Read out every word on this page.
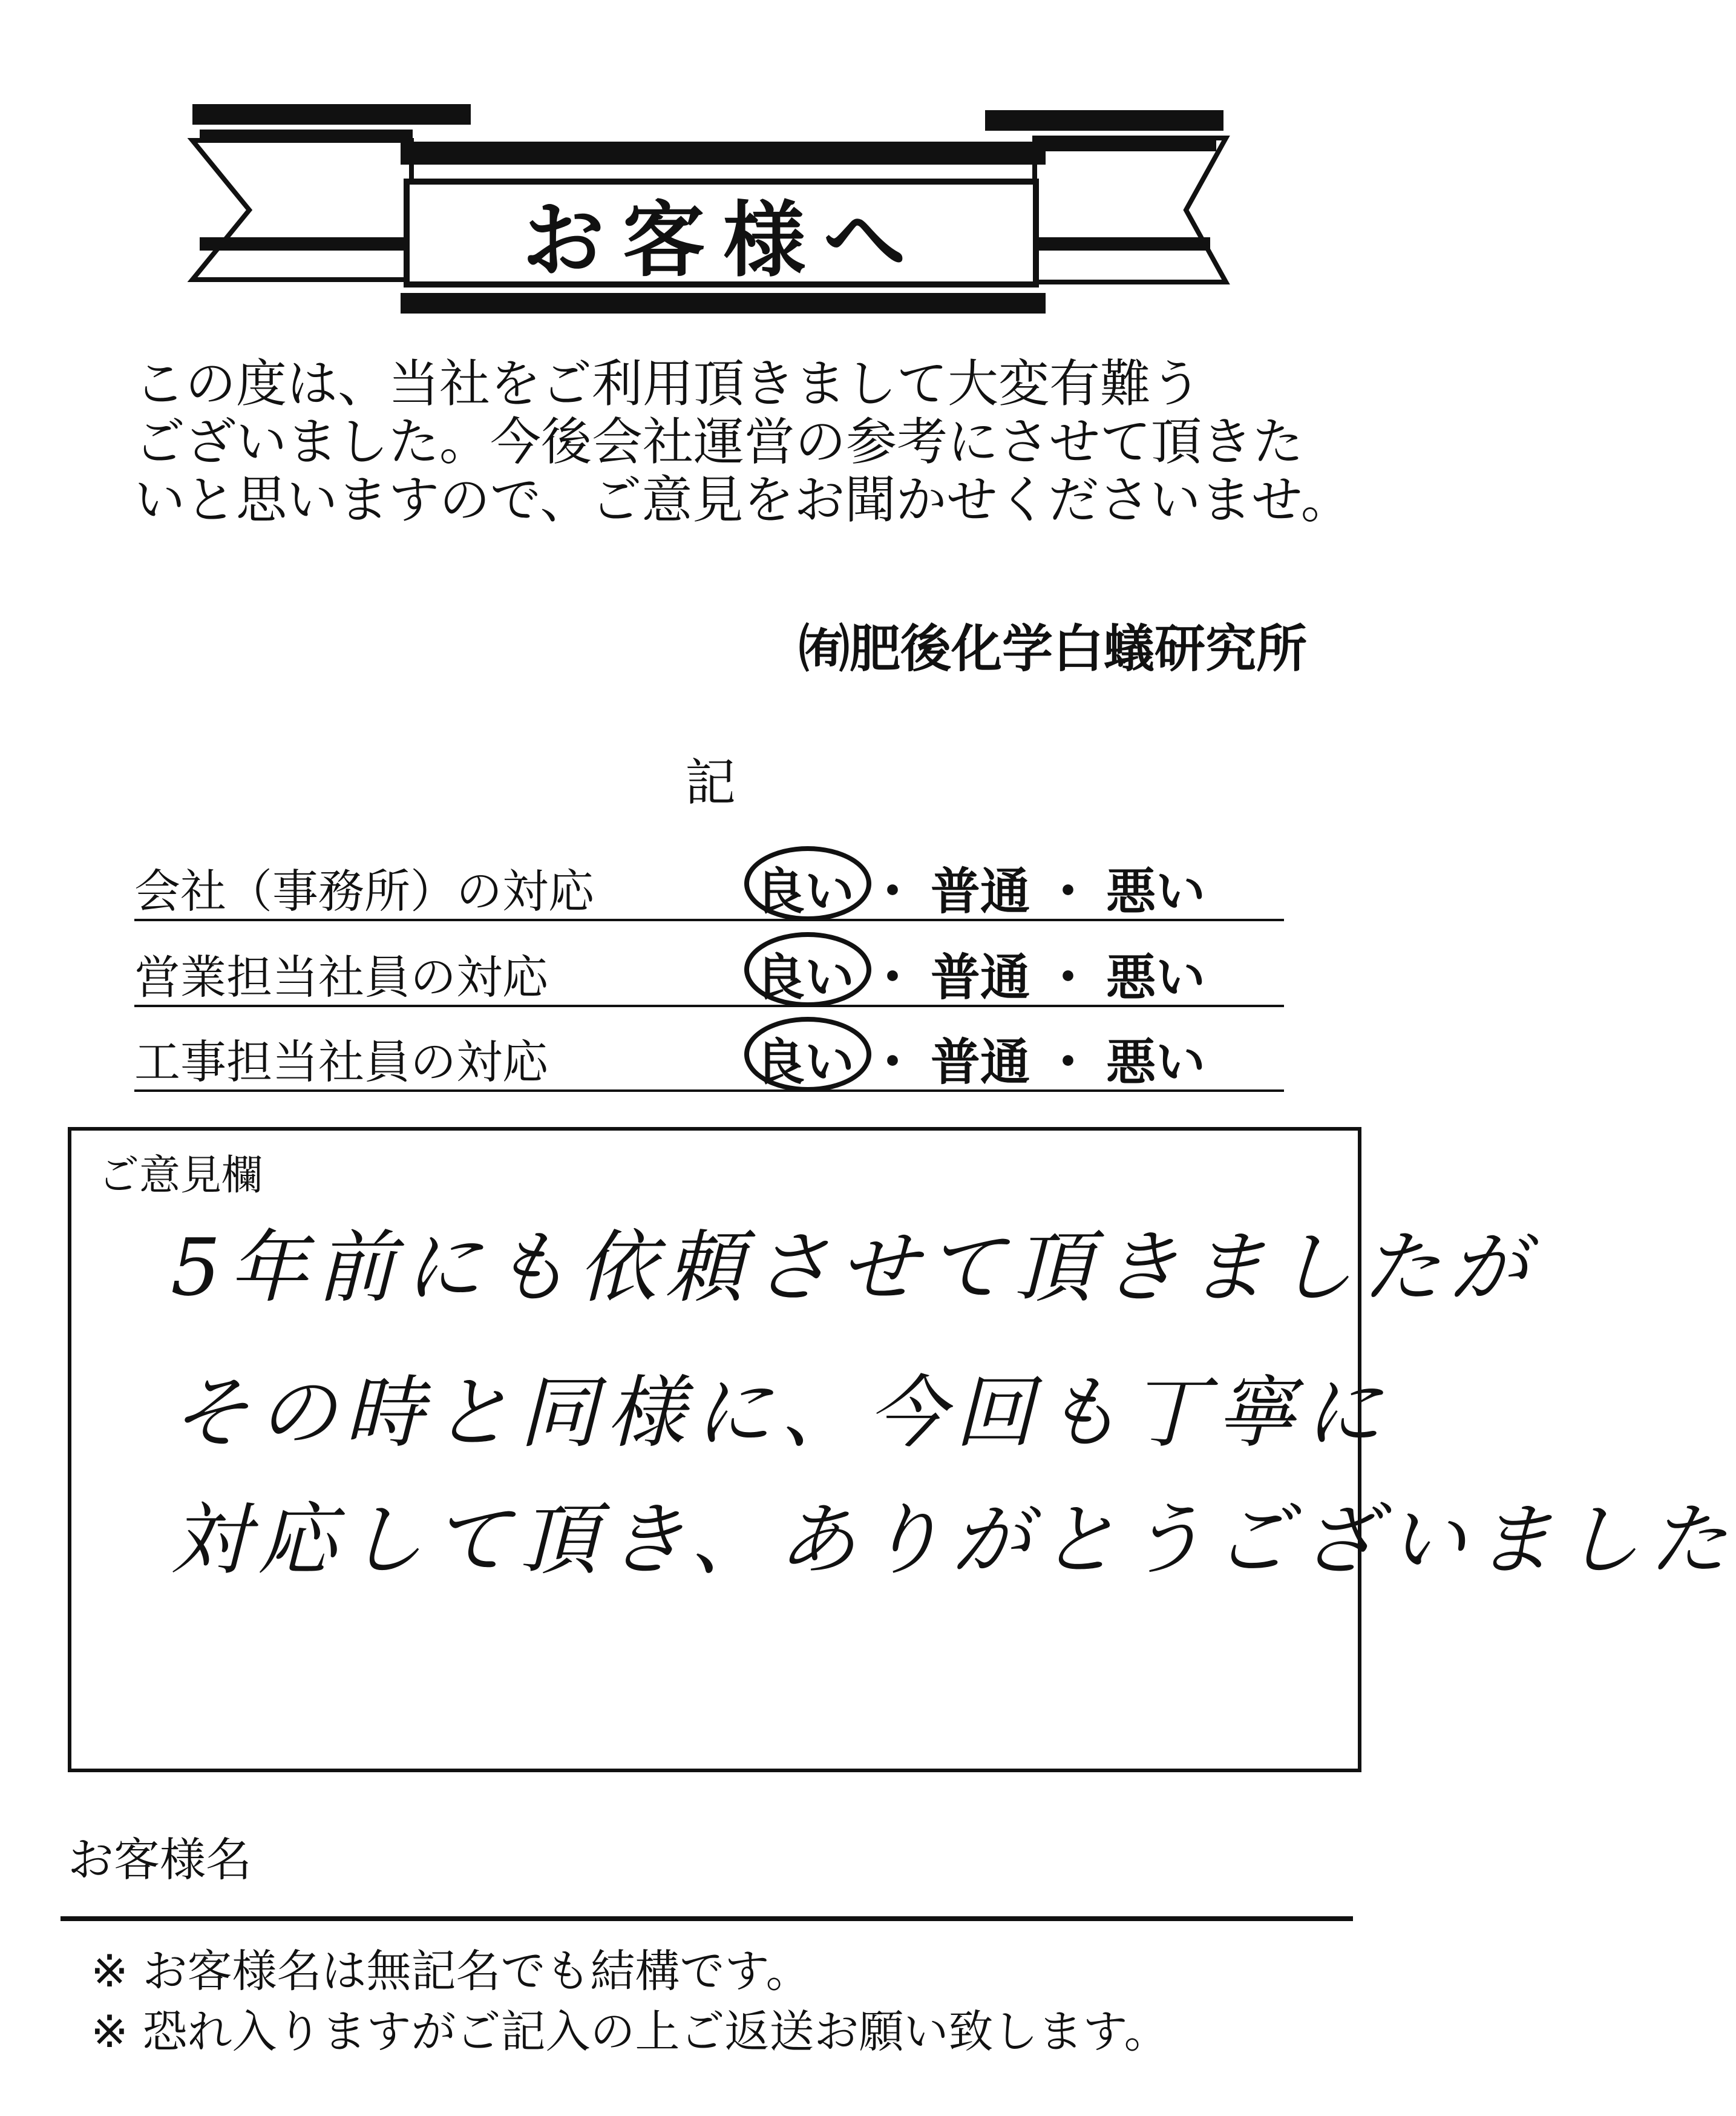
お客様へ
この度は、当社をご利用頂きまして大変有難う
ございました。今後会社運営の参考にさせて頂きた
いと思いますので、ご意見をお聞かせくださいませ。
㈲肥後化学白蟻研究所
記
会社（事務所）の対応	良い ・ 普通 ・ 悪い
営業担当社員の対応	良い ・ 普通 ・ 悪い
工事担当社員の対応	良い ・ 普通 ・ 悪い
ご意見欄
5年前にも依頼させて頂きましたが
その時と同様に、今回も丁寧に
対応して頂き、ありがとうございました
お客様名
※ お客様名は無記名でも結構です。
※ 恐れ入りますがご記入の上ご返送お願い致します。
